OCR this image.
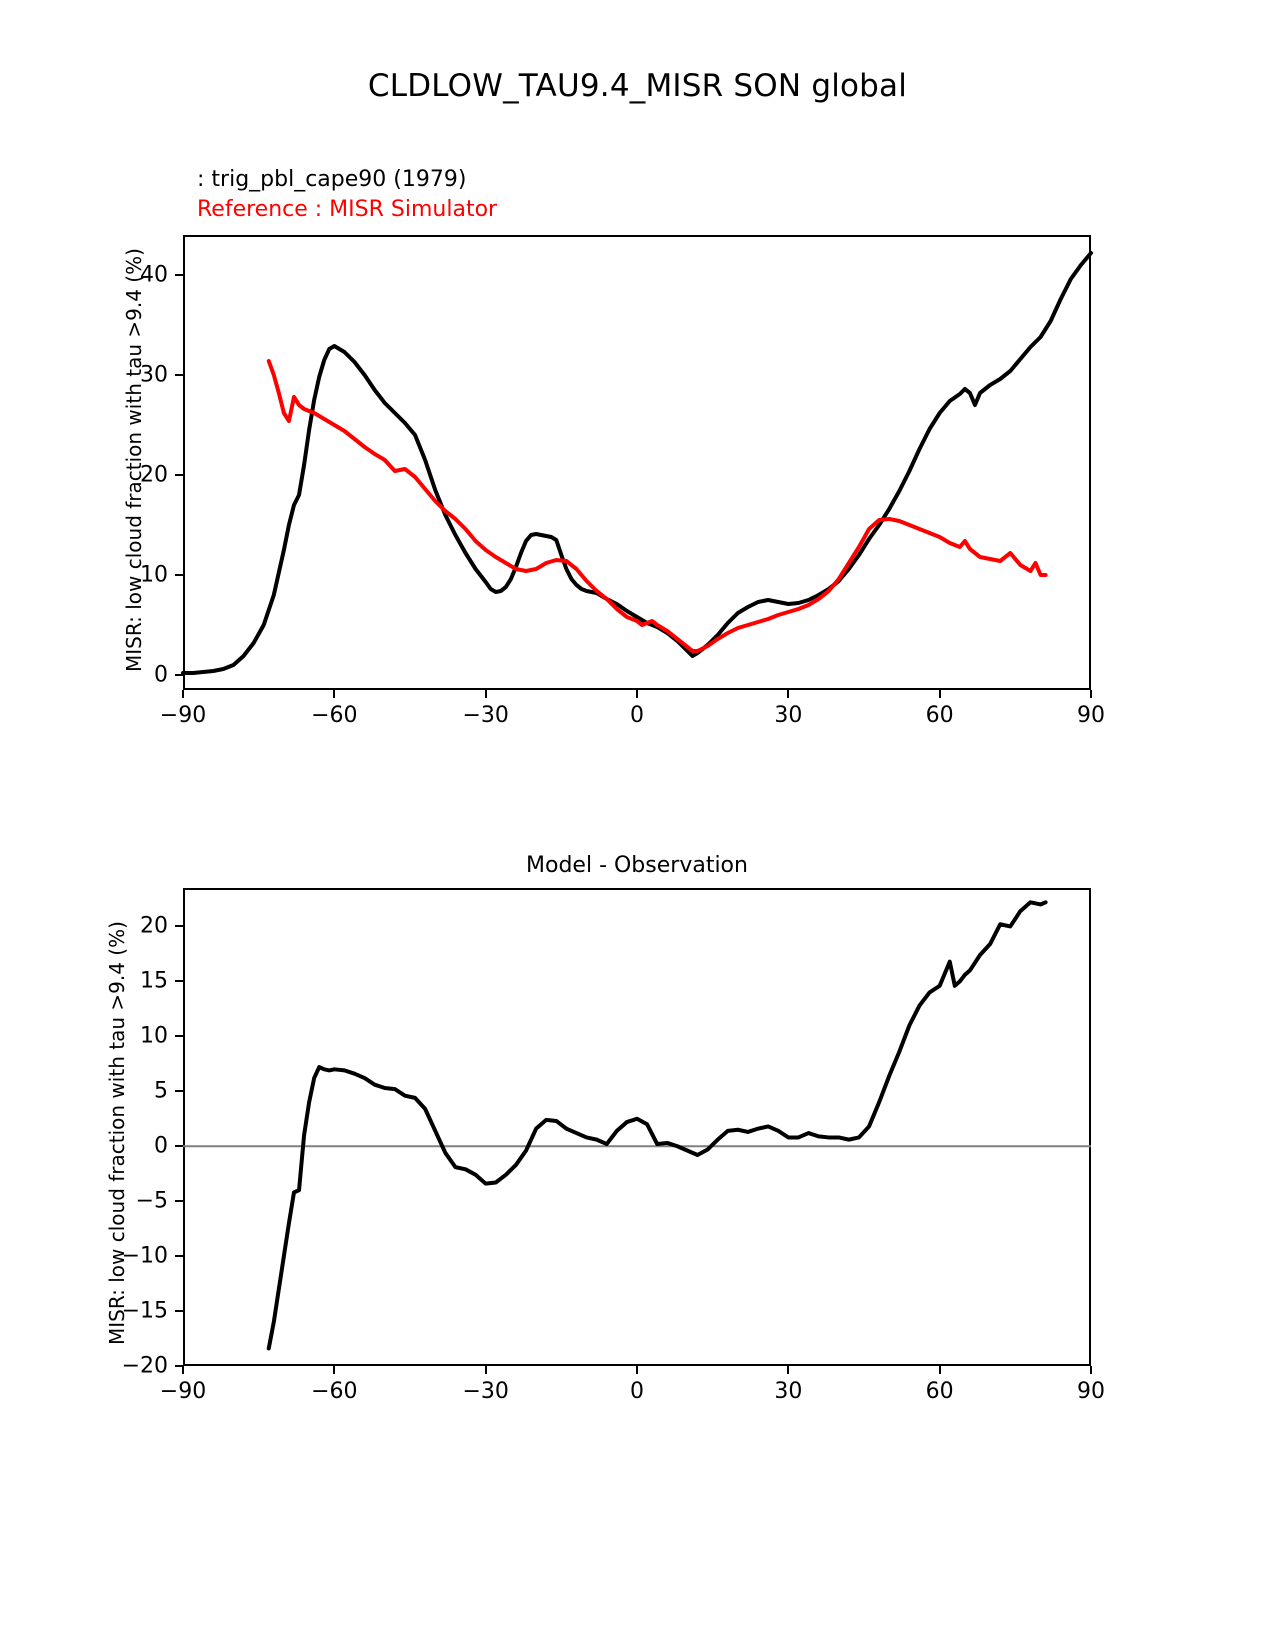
CLDLOW_TAU9.4_MISR SON global
: trig_pbl_cape90 (1979)
Reference : MISR Simulator
MISR: low cloud fraction with tau >9.4 (%)
Model - Observation
MISR: low cloud fraction with tau >9.4 (%)
−90	−60	−30	0	30	60	90
0
10
20
30
40
−90	−60	−30	0	30	60	90
−20
−15
−10
−5
0
5
10
15
20
